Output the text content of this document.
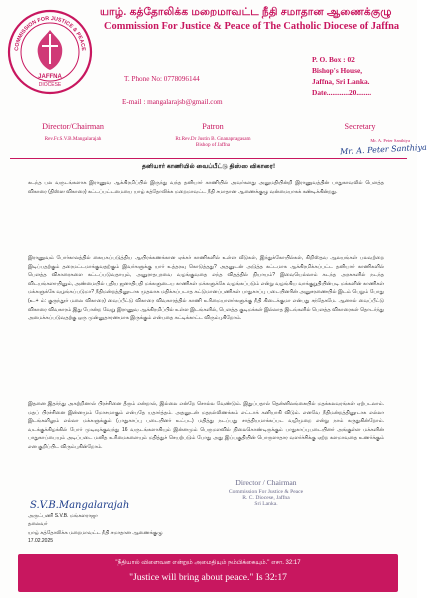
COMMISSION FOR JUSTICE & PEACE
JAFFNA
DIOCESE
யாழ். கத்தோலிக்க மறைமாவட்ட நீதி சமாதான ஆணைக்குழு
Commission For Justice & Peace of The Catholic Diocese of Jaffna
T. Phone No: 0778096144
E-mail : mangalarajsb@gmail.com
P. O. Box : 02
Bishop's House,
Jaffna, Sri Lanka.
Date............20........
Director/Chairman
Rev.Fr.S.V.B.Mangalarajah
Patron
Rt.Rev.Dr Justin B. Gnanapragasam
Bishop of Jaffna
Secretary
Mr. A. Peter Santhiya
Mr. A. Peter Santhiya
தனியார் காணியில் வைப்பீட்டு திஸ்ஸ விகாரை!
கடந்த பல வருடங்களாக இராணுவ ஆக்கிரமிப்பில் இருந்து வந்த தனியார் காணியில் அவர்களது அனுமதியின்றி இராணுவத்தின் பாதுகாவலில் பௌத்த விகாரை (திஸ்ஸ விகாரை) கட்டப்பட்டமையை யாழ் கத்தோலிக்க மறைமாவட்ட நீதி சமாதான ஆணைக்குழு வன்மையாகக் கண்டிக்கின்றது.
இராணுவம் போர்காலத்தில் கையகப்படுத்திய ஆயிரக்கணக்கான ஏக்கர் காணிகளில் உள்ள வீடுகள், இந்துக்கோயில்கள், கிறிஸ்தவ ஆலயங்கள் பலவற்றை இடிப்பதற்கும் தரைமட்டமாக்குவதற்கும் இவர்களுக்கு யார் உத்தரவு கொடுத்தது? அதனுடன் அடுத்த கட்டமாக ஆக்கிரமிக்கப்பட்ட தனியார் காணிகளில் பௌத்த விகாரைகளை கட்டப்படுவதாயும், அனுராதபுரவை வழங்குவதை எந்த விதத்தில் நியாயம்? இவையெல்லாம் கடந்த அரசுகளில் நடந்த விடயங்களாயினும், அண்மையில் புதிய ஜனாதிபதி மக்களுடைய காணிகள் மக்களுக்கே வழங்கப்படும் என்று வழங்கிய வாக்குறுதியின்படி மக்களின் காணிகள் மக்களுக்கே வழங்கப்படுமா? நீதிமன்றத்தினூடாக முதலாக மதிக்கப்படாத கட்டுமானப்பணிகள் பாதுகாப்பு படையினரின் அனுசரணையில் இடம் பெறும் போது (உ.+ ம்: குருந்தூர் மலை விகாரை) வைப்பீட்டு விகாரை விவகாரத்தில் காணி உரிமையாளர்களுக்கு நீதி கிடைக்குமா என்பது சந்தேகமே. ஆனால் வைப்பீட்டு விகாரை விவகாரம் இது போன்ற வேறு இராணுவ ஆக்கிரமிப்பில் உள்ள இடங்களில், பௌத்த குடிமக்கள் இல்லாத இடங்களில் பௌத்த விகாரைகள் தொடர்ந்து அமைக்கப்படுவதற்கு ஒரு முன்னுதாரணமாக இருக்கும் என்பதை சுட்டிக்காட்ட விரும்புகிறோம்.
இதனை இதர்ந்து அகற்றினால் பிரச்சினை தீரும் என்றால், இல்லை என்றே சொல்ல வேண்டும். இதுப்பதால் தென்னிலங்கையில் மதக்கலவரங்கள் ஏற்படலாம். மதப் பிரச்சினை இன்னமும் மோசமாகும் என்பதே யதார்த்தம். அதனுடன் மதநல்லிணக்கம் எட்டாக் கனியாகி விடும். எனவே நீதிமன்றத்தினூடாக எல்லா இடங்களிலும் எல்லா மக்களுக்கும் (பாதுகாப்பு படையினர் உட்பட) மதித்து நடப்பது சாத்தியமாக்கப்பட வழிமுறை என்று நாம் கருதுகின்றோம். வடக்குக்கிழக்கில் போர் முடிவுக்குவந்து 16 வருடங்களாகியும் இன்னமும் பெருமளவில் நிலைகொண்டிருக்கும் பாதுகாப்புபடையினர் அங்குள்ள மக்களின் பாதுகாப்பையும் அடிப்படை மனித உரிமைகளையும் மதித்துச் செயற்படும் போது அது இப்பகுதியின் பொருளாதார வளர்ச்சிக்கு ஏற்ற களமாவதை உணர்க்கும் என குறிப்பிட விரும்புகின்றோம்.
S.V.B.Mangalarajah
அருட்பணி S.V.B. மங்களராஜா
தலைவர்
யாழ் கத்தோலிக்க மறைமாவட்ட நீதி சமாதான ஆணைக்குழு
17.02.2025
Director / Chairman
Commission For Justice & Peace
R. C. Diocese, Jaffna
Sri Lanka.
"நீதியால் விளைவன என்றும் அமைதியும் நம்பிக்கையும்." எசா. 32:17
"Justice will bring about peace." Is 32:17
